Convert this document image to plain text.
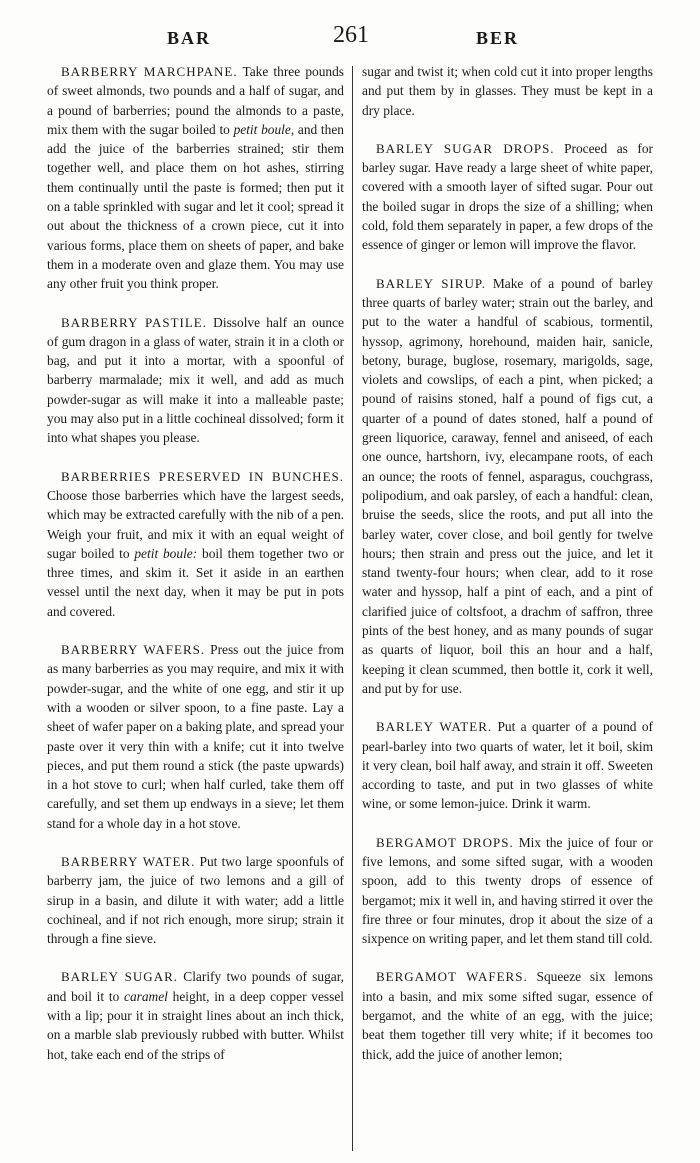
BAR	261	BER

BARBERRY MARCHPANE. Take three pounds of sweet almonds, two pounds and a half of sugar, and a pound of barberries; pound the almonds to a paste, mix them with the sugar boiled to petit boule, and then add the juice of the barberries strained; stir them together well, and place them on hot ashes, stirring them continually until the paste is formed; then put it on a table sprinkled with sugar and let it cool; spread it out about the thickness of a crown piece, cut it into various forms, place them on sheets of paper, and bake them in a moderate oven and glaze them. You may use any other fruit you think proper.

BARBERRY PASTILE. Dissolve half an ounce of gum dragon in a glass of water, strain it in a cloth or bag, and put it into a mortar, with a spoonful of barberry marmalade; mix it well, and add as much powder-sugar as will make it into a malleable paste; you may also put in a little cochineal dissolved; form it into what shapes you please.

BARBERRIES PRESERVED IN BUNCHES. Choose those barberries which have the largest seeds, which may be extracted carefully with the nib of a pen. Weigh your fruit, and mix it with an equal weight of sugar boiled to petit boule: boil them together two or three times, and skim it. Set it aside in an earthen vessel until the next day, when it may be put in pots and covered.

BARBERRY WAFERS. Press out the juice from as many barberries as you may require, and mix it with powder-sugar, and the white of one egg, and stir it up with a wooden or silver spoon, to a fine paste. Lay a sheet of wafer paper on a baking plate, and spread your paste over it very thin with a knife; cut it into twelve pieces, and put them round a stick (the paste upwards) in a hot stove to curl; when half curled, take them off carefully, and set them up endways in a sieve; let them stand for a whole day in a hot stove.

BARBERRY WATER. Put two large spoonfuls of barberry jam, the juice of two lemons and a gill of sirup in a basin, and dilute it with water; add a little cochineal, and if not rich enough, more sirup; strain it through a fine sieve.

BARLEY SUGAR. Clarify two pounds of sugar, and boil it to caramel height, in a deep copper vessel with a lip; pour it in straight lines about an inch thick, on a marble slab previously rubbed with butter. Whilst hot, take each end of the strips of

sugar and twist it; when cold cut it into proper lengths and put them by in glasses. They must be kept in a dry place.

BARLEY SUGAR DROPS. Proceed as for barley sugar. Have ready a large sheet of white paper, covered with a smooth layer of sifted sugar. Pour out the boiled sugar in drops the size of a shilling; when cold, fold them separately in paper, a few drops of the essence of ginger or lemon will improve the flavor.

BARLEY SIRUP. Make of a pound of barley three quarts of barley water; strain out the barley, and put to the water a handful of scabious, tormentil, hyssop, agrimony, horehound, maiden hair, sanicle, betony, burage, buglose, rosemary, marigolds, sage, violets and cowslips, of each a pint, when picked; a pound of raisins stoned, half a pound of figs cut, a quarter of a pound of dates stoned, half a pound of green liquorice, caraway, fennel and aniseed, of each one ounce, hartshorn, ivy, elecampane roots, of each an ounce; the roots of fennel, asparagus, couchgrass, polipodium, and oak parsley, of each a handful: clean, bruise the seeds, slice the roots, and put all into the barley water, cover close, and boil gently for twelve hours; then strain and press out the juice, and let it stand twenty-four hours; when clear, add to it rose water and hyssop, half a pint of each, and a pint of clarified juice of coltsfoot, a drachm of saffron, three pints of the best honey, and as many pounds of sugar as quarts of liquor, boil this an hour and a half, keeping it clean scummed, then bottle it, cork it well, and put by for use.

BARLEY WATER. Put a quarter of a pound of pearl-barley into two quarts of water, let it boil, skim it very clean, boil half away, and strain it off. Sweeten according to taste, and put in two glasses of white wine, or some lemon-juice. Drink it warm.

BERGAMOT DROPS. Mix the juice of four or five lemons, and some sifted sugar, with a wooden spoon, add to this twenty drops of essence of bergamot; mix it well in, and having stirred it over the fire three or four minutes, drop it about the size of a sixpence on writing paper, and let them stand till cold.

BERGAMOT WAFERS. Squeeze six lemons into a basin, and mix some sifted sugar, essence of bergamot, and the white of an egg, with the juice; beat them together till very white; if it becomes too thick, add the juice of another lemon;
